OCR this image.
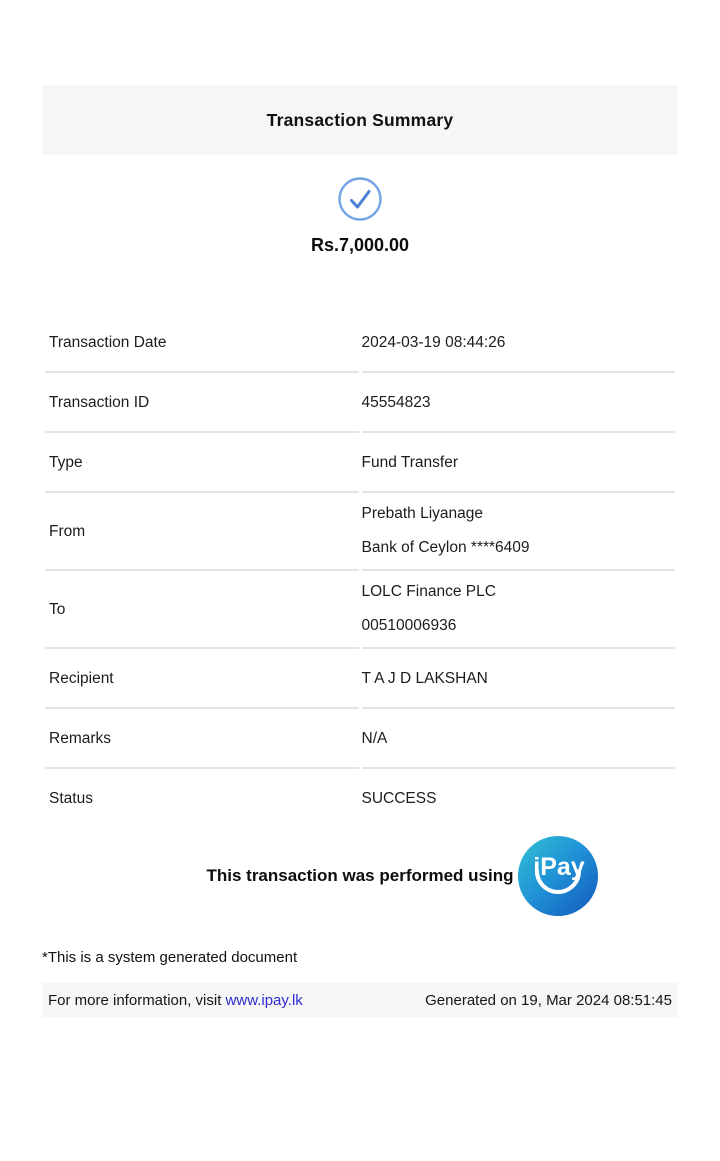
Transaction Summary
Rs.7,000.00
Transaction Date	2024-03-19 08:44:26

Transaction ID	45554823

Type	Fund Transfer

From	Prebath Liyanage
Bank of Ceylon ****6409

To	LOLC Finance PLC
00510006936

Recipient	T A J D LAKSHAN

Remarks	N/A

Status	SUCCESS
This transaction was performed using iPay
*This is a system generated document
For more information, visit www.ipay.lk	Generated on 19, Mar 2024 08:51:45
